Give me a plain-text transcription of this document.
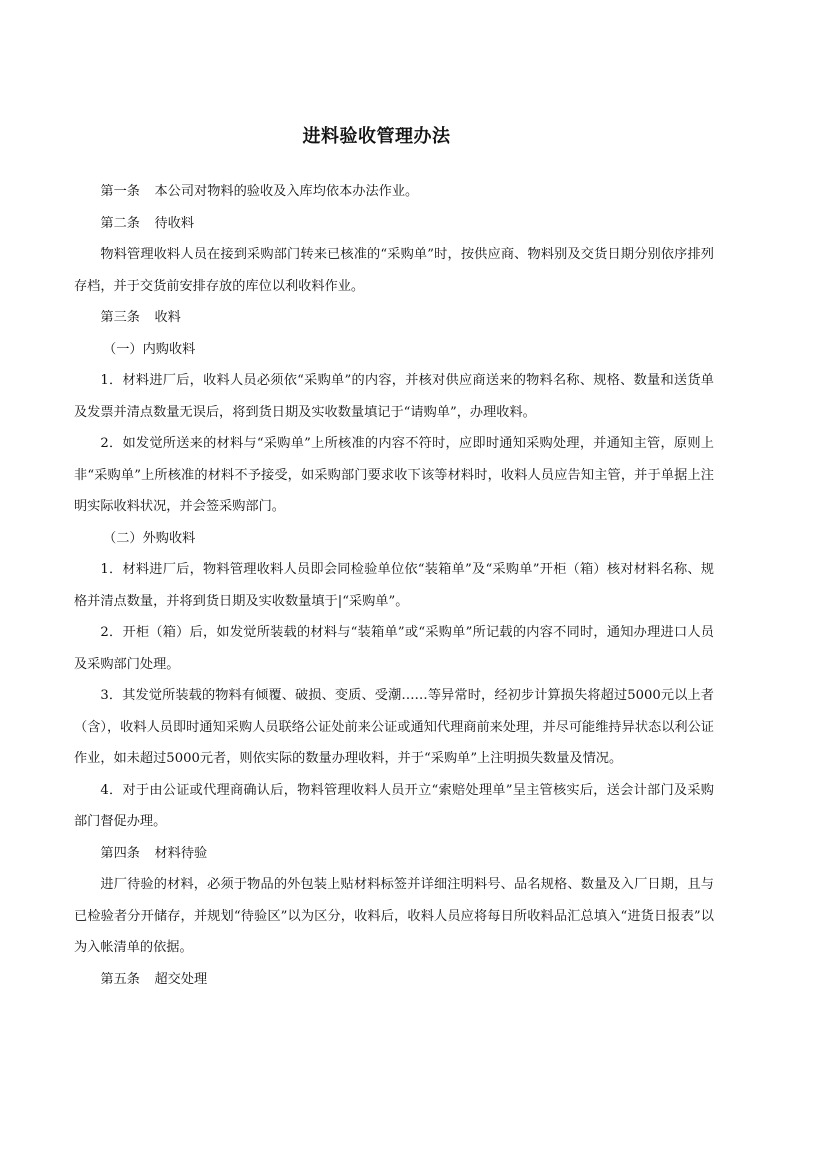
进料验收管理办法

第一条 本公司对物料的验收及入库均依本办法作业。

第二条 待收料

物料管理收料人员在接到采购部门转来已核准的“采购单”时，按供应商、物料别及交货日期分别依序排列存档，并于交货前安排存放的库位以利收料作业。

第三条 收料

（一）内购收料

1．材料进厂后，收料人员必须依“采购单”的内容，并核对供应商送来的物料名称、规格、数量和送货单及发票并清点数量无误后，将到货日期及实收数量填记于“请购单”，办理收料。

2．如发觉所送来的材料与“采购单”上所核准的内容不符时，应即时通知采购处理，并通知主管，原则上非“采购单”上所核准的材料不予接受，如采购部门要求收下该等材料时，收料人员应告知主管，并于单据上注明实际收料状况，并会签采购部门。

（二）外购收料

1．材料进厂后，物料管理收料人员即会同检验单位依“装箱单”及“采购单”开柜（箱）核对材料名称、规格并清点数量，并将到货日期及实收数量填于|“采购单”。

2．开柜（箱）后，如发觉所装载的材料与“装箱单”或“采购单”所记载的内容不同时，通知办理进口人员及采购部门处理。

3．其发觉所装载的物料有倾覆、破损、变质、受潮……等异常时，经初步计算损失将超过5000元以上者（含），收料人员即时通知采购人员联络公证处前来公证或通知代理商前来处理，并尽可能维持异状态以利公证作业，如未超过5000元者，则依实际的数量办理收料，并于“采购单”上注明损失数量及情况。

4．对于由公证或代理商确认后，物料管理收料人员开立“索赔处理单”呈主管核实后，送会计部门及采购部门督促办理。

第四条 材料待验

进厂待验的材料，必须于物品的外包装上贴材料标签并详细注明料号、品名规格、数量及入厂日期，且与已检验者分开储存，并规划“待验区”以为区分，收料后，收料人员应将每日所收料品汇总填入“进货日报表”以为入帐清单的依据。

第五条 超交处理
